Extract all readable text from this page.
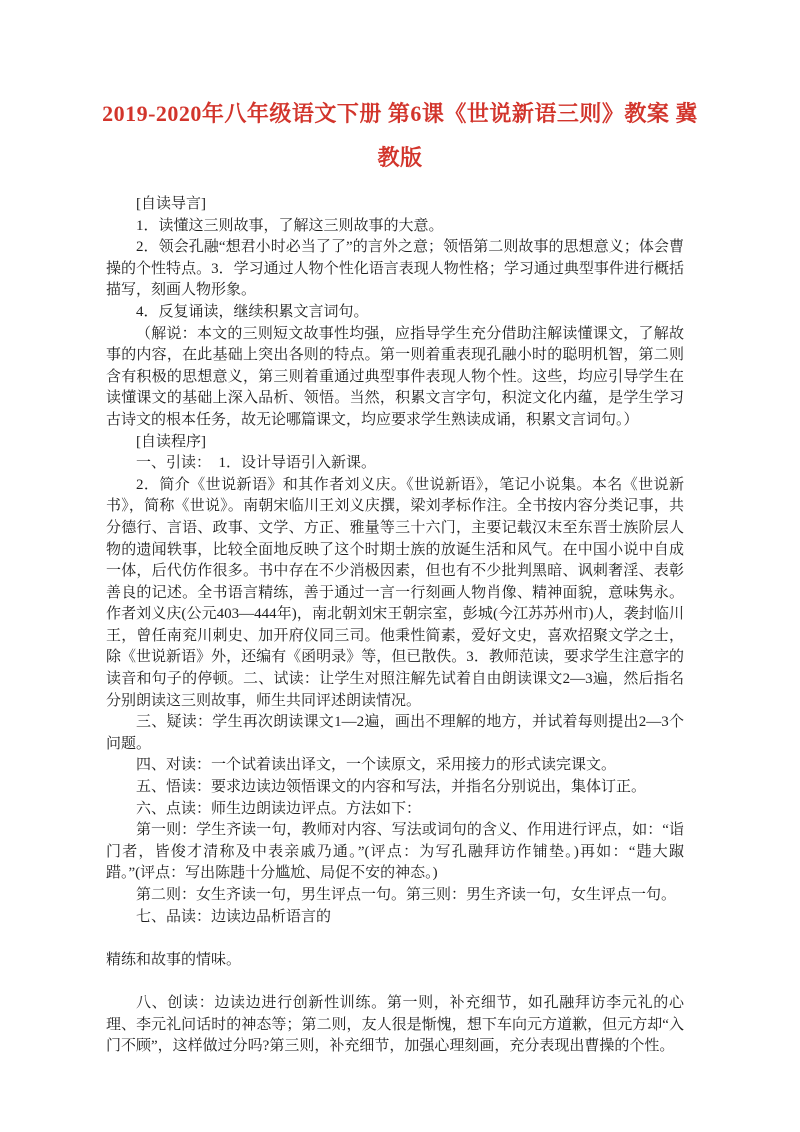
2019-2020年八年级语文下册 第6课《世说新语三则》教案 冀教版

[自读导言]

1．读懂这三则故事，了解这三则故事的大意。

2．领会孔融“想君小时必当了了”的言外之意；领悟第二则故事的思想意义；体会曹操的个性特点。3．学习通过人物个性化语言表现人物性格；学习通过典型事件进行概括描写，刻画人物形象。

4．反复诵读，继续积累文言词句。

（解说：本文的三则短文故事性均强，应指导学生充分借助注解读懂课文，了解故事的内容，在此基础上突出各则的特点。第一则着重表现孔融小时的聪明机智，第二则含有积极的思想意义，第三则着重通过典型事件表现人物个性。这些，均应引导学生在读懂课文的基础上深入品析、领悟。当然，积累文言字句，积淀文化内蕴，是学生学习古诗文的根本任务，故无论哪篇课文，均应要求学生熟读成诵，积累文言词句。）

[自读程序]

一、引读：　1．设计导语引入新课。

2．简介《世说新语》和其作者刘义庆。《世说新语》，笔记小说集。本名《世说新书》，简称《世说》。南朝宋临川王刘义庆撰，梁刘孝标作注。全书按内容分类记事，共分德行、言语、政事、文学、方正、雅量等三十六门，主要记载汉末至东晋士族阶层人物的遗闻轶事，比较全面地反映了这个时期士族的放诞生活和风气。在中国小说中自成一体，后代仿作很多。书中存在不少消极因素，但也有不少批判黑暗、讽刺奢淫、表彰善良的记述。全书语言精练，善于通过一言一行刻画人物肖像、精神面貌，意味隽永。作者刘义庆(公元403—444年)，南北朝刘宋王朝宗室，彭城(今江苏苏州市)人，袭封临川王，曾任南兖川刺史、加开府仪同三司。他秉性简素，爱好文史，喜欢招聚文学之士，除《世说新语》外，还编有《函明录》等，但已散佚。3．教师范读，要求学生注意字的读音和句子的停顿。二、试读：让学生对照注解先试着自由朗读课文2—3遍，然后指名分别朗读这三则故事，师生共同评述朗读情况。

三、疑读：学生再次朗读课文1—2遍，画出不理解的地方，并试着每则提出2—3个问题。

四、对读：一个试着读出译文，一个读原文，采用接力的形式读完课文。

五、悟读：要求边读边领悟课文的内容和写法，并指名分别说出，集体订正。

六、点读：师生边朗读边评点。方法如下：

第一则：学生齐读一句，教师对内容、写法或词句的含义、作用进行评点，如：“诣门者，皆俊才清称及中表亲戚乃通。”(评点：为写孔融拜访作铺垫。)再如：“韪大踧踖。”(评点：写出陈韪十分尴尬、局促不安的神态。)

第二则：女生齐读一句，男生评点一句。第三则：男生齐读一句，女生评点一句。

七、品读：边读边品析语言的

精练和故事的情味。

八、创读：边读边进行创新性训练。第一则，补充细节，如孔融拜访李元礼的心理、李元礼问话时的神态等；第二则，友人很是惭愧，想下车向元方道歉，但元方却“入门不顾”，这样做过分吗?第三则，补充细节，加强心理刻画，充分表现出曹操的个性。
